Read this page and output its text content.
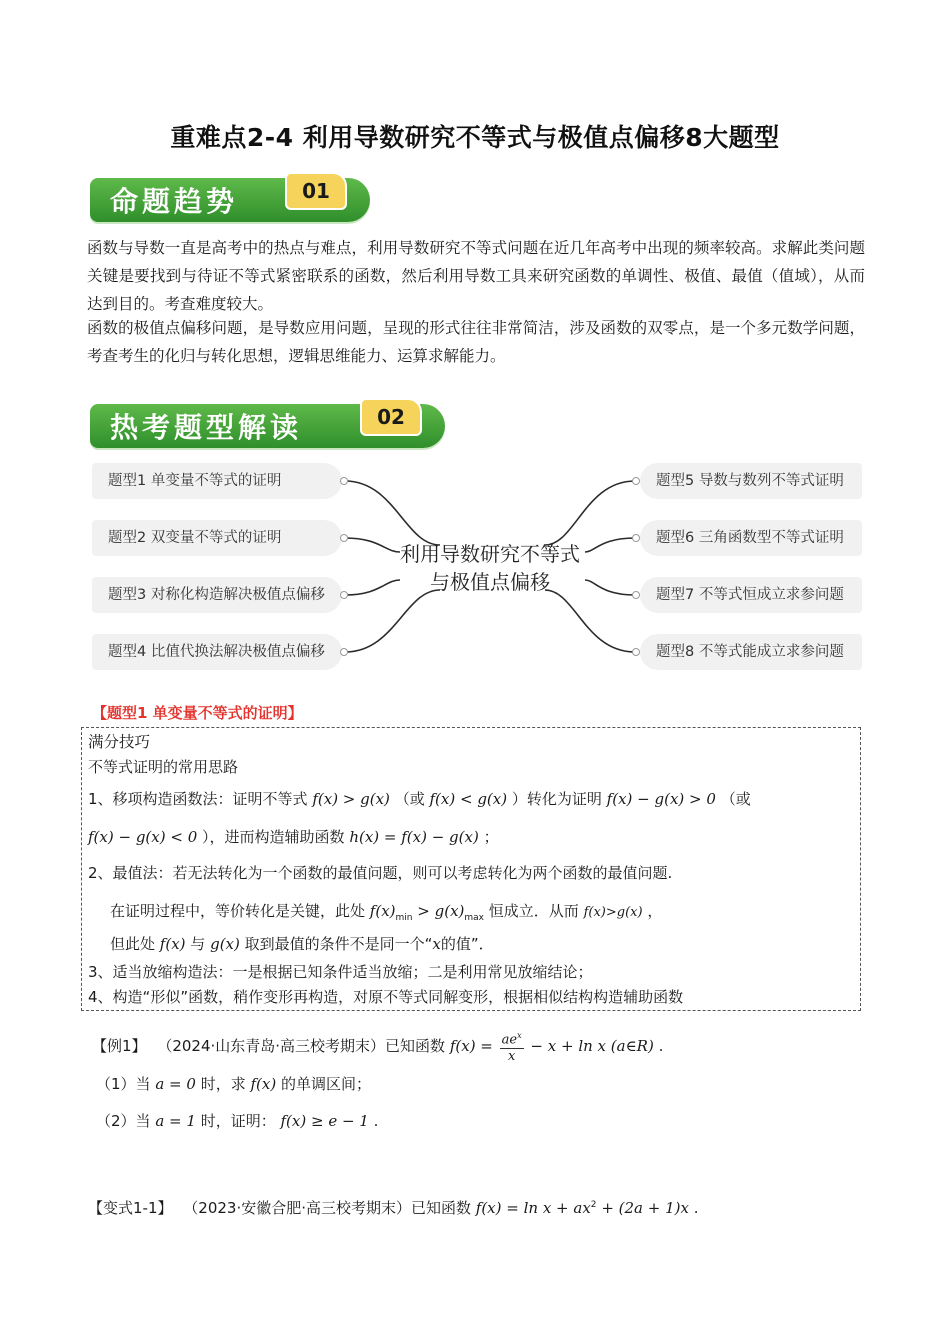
重难点2-4 利用导数研究不等式与极值点偏移8大题型
命题趋势	01
函数与导数一直是高考中的热点与难点，利用导数研究不等式问题在近几年高考中出现的频率较高。求解此类问题关键是要找到与待证不等式紧密联系的函数，然后利用导数工具来研究函数的单调性、极值、最值（值域），从而达到目的。考查难度较大。
函数的极值点偏移问题，是导数应用问题，呈现的形式往往非常简洁，涉及函数的双零点，是一个多元数学问题，考查考生的化归与转化思想，逻辑思维能力、运算求解能力。
热考题型解读	02
题型1 单变量不等式的证明
题型2 双变量不等式的证明
题型3 对称化构造解决极值点偏移
题型4 比值代换法解决极值点偏移
题型5 导数与数列不等式证明
题型6 三角函数型不等式证明
题型7 不等式恒成立求参问题
题型8 不等式能成立求参问题
利用导数研究不等式与极值点偏移
【题型1 单变量不等式的证明】
满分技巧
不等式证明的常用思路
1、移项构造函数法：证明不等式 f(x) > g(x) （或 f(x) < g(x) ）转化为证明 f(x) − g(x) > 0 （或
f(x) − g(x) < 0 ），进而构造辅助函数 h(x) = f(x) − g(x) ；
2、最值法：若无法转化为一个函数的最值问题，则可以考虑转化为两个函数的最值问题.
在证明过程中，等价转化是关键，此处 $f(x)_{min} > g(x)_{max}$ 恒成立．从而 f(x)>g(x) ，
但此处 f(x) 与 g(x) 取到最值的条件不是同一个“x的值”．
3、适当放缩构造法：一是根据已知条件适当放缩；二是利用常见放缩结论；
4、构造“形似”函数，稍作变形再构造，对原不等式同解变形，根据相似结构构造辅助函数
【例1】 （2024·山东青岛·高三校考期末）已知函数 $f(x) = ae^x$
x
− x + ln x (a∈R) .
（1）当 a = 0 时，求 f(x) 的单调区间；
（2）当 a = 1 时，证明： f(x) ≥ e − 1 .
【变式1-1】 （2023·安徽合肥·高三校考期末）已知函数 $f(x) = \ln x + ax^2 + (2a + 1)x$ .
